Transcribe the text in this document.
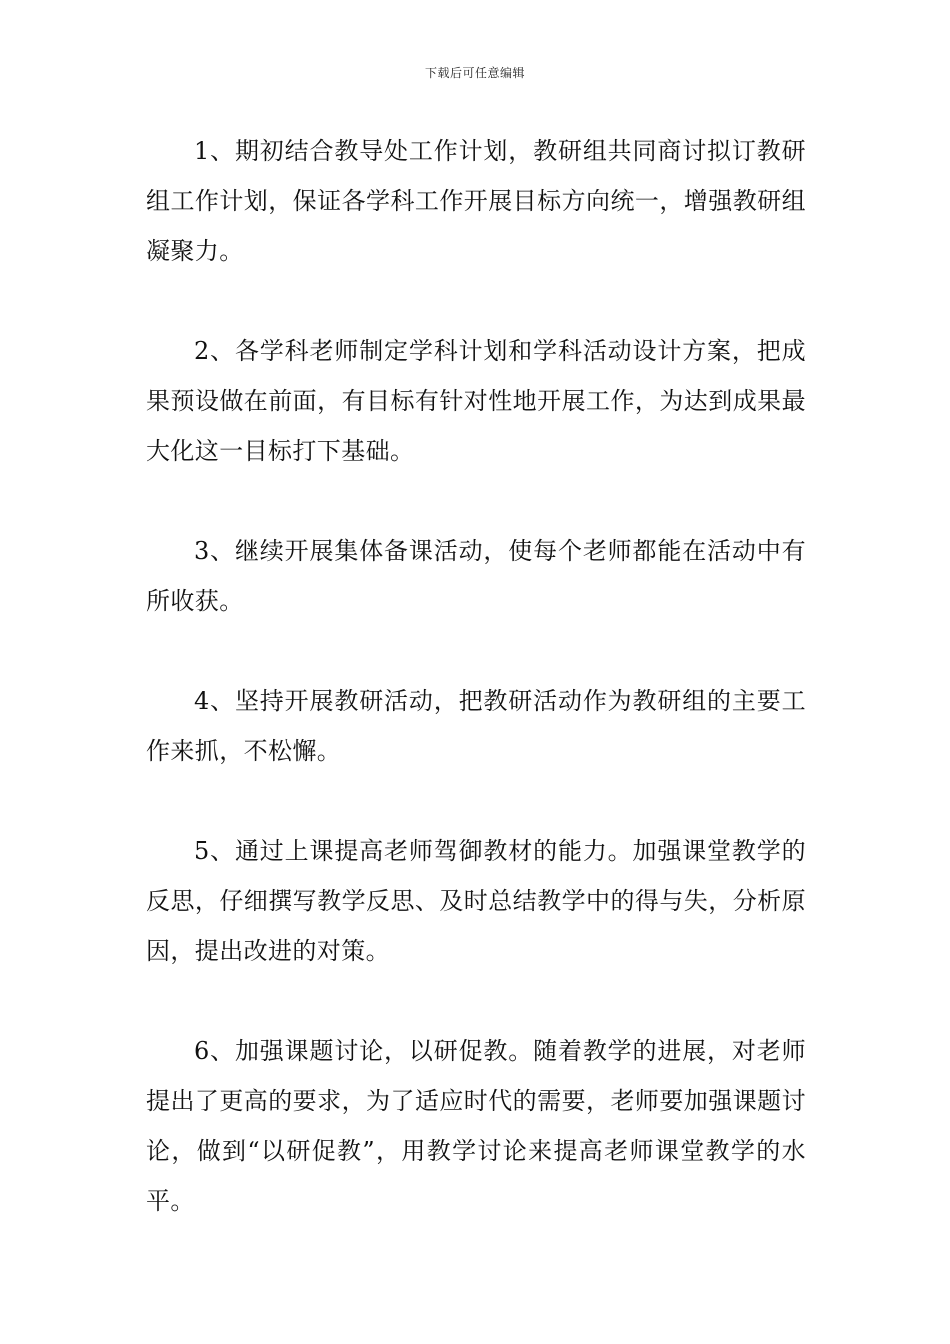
下载后可任意编辑

1、期初结合教导处工作计划，教研组共同商讨拟订教研组工作计划，保证各学科工作开展目标方向统一，增强教研组凝聚力。

2、各学科老师制定学科计划和学科活动设计方案，把成果预设做在前面，有目标有针对性地开展工作，为达到成果最大化这一目标打下基础。

3、继续开展集体备课活动，使每个老师都能在活动中有所收获。

4、坚持开展教研活动，把教研活动作为教研组的主要工作来抓，不松懈。

5、通过上课提高老师驾御教材的能力。加强课堂教学的反思，仔细撰写教学反思、及时总结教学中的得与失，分析原因，提出改进的对策。

6、加强课题讨论，以研促教。随着教学的进展，对老师提出了更高的要求，为了适应时代的需要，老师要加强课题讨论，做到“以研促教”，用教学讨论来提高老师课堂教学的水平。
